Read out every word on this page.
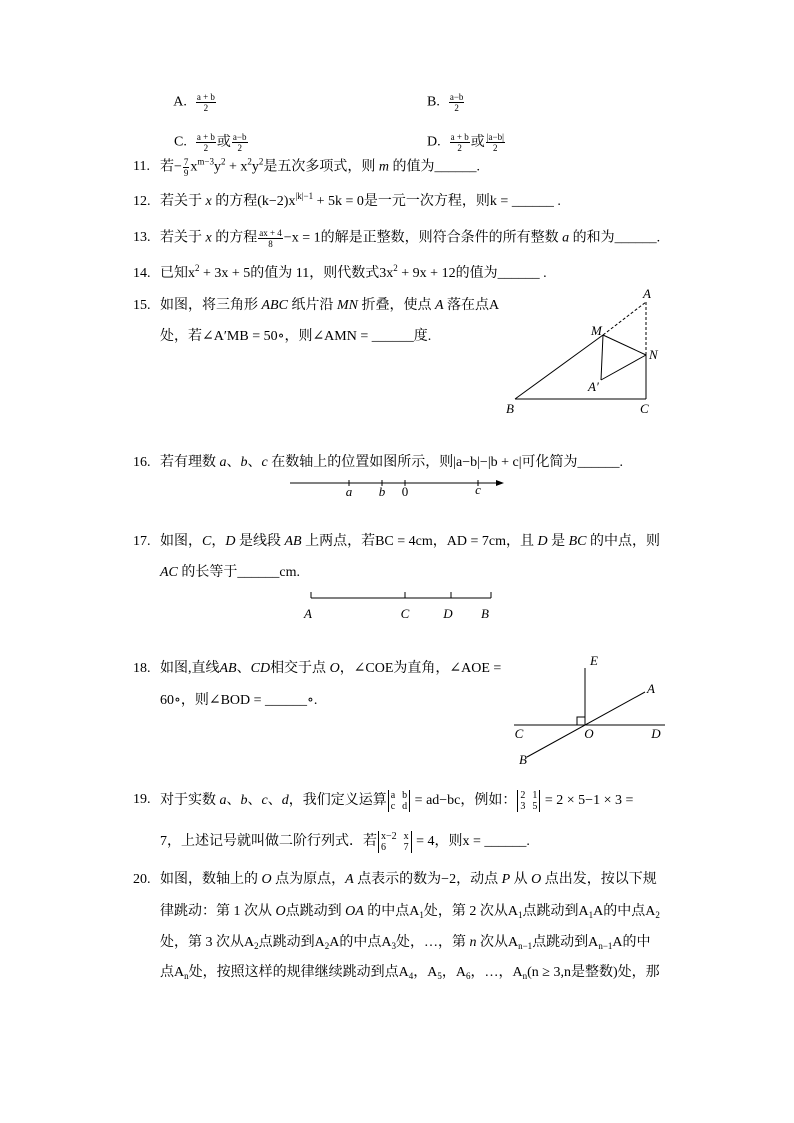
A. $\frac{a + b}{2}$

	B. $\frac{a-b}{2}$

C. $\frac{a + b}{2}$ 或 $\frac{a-b}{2}$

	D. $\frac{a + b}{2}$ 或 $\frac{|a-b|}{2}$

11. 若− $\frac{7}{9} x^{m-3}y^2 + x^2y^2$是五次多项式，则 m 的值为______.
12. 若关于 x 的方程$(k-2)x^{|k|-1} + 5k = 0$是一元一次方程，则k = ______ .
13. 若关于 x 的方程 $\frac{ax + 4}{8} -x = 1$的解是正整数，则符合条件的所有整数 a 的和为______.
14. 已知$x^2 + 3x + 5$的值为 11，则代数式$3x^2 + 9x + 12$的值为______ .
15. 如图，将三角形 ABC 纸片沿 MN 折叠，使点 A 落在点A
处，若∠A′MB = 50∘，则∠AMN = ______度.
A
M
N
A′
B	C
16. 若有理数 a、b、c 在数轴上的位置如图所示，则|a−b|−|b + c|可化简为______.
a b 0	c
17. 如图，C，D 是线段 AB 上两点，若BC = 4cm，AD = 7cm，且 D 是 BC 的中点，则
AC 的长等于______cm.
A	C	D B
18. 如图,直线AB、CD相交于点 O，∠COE为直角，∠AOE =
60∘，则∠BOD = ______∘.
E
A
C	O	D
B
19. 对于实数 a、b、c、d，我们定义运算 a b
c d = ad−bc，例如： 2 1
3 5 = 2 × 5−1 × 3 =
7，上述记号就叫做二阶行列式．若 x−2 x
6	7 = 4，则x = ______.
20. 如图，数轴上的 O 点为原点，A 点表示的数为−2，动点 P 从 O 点出发，按以下规
律跳动：第 1 次从 O点跳动到 OA 的中点$A_1$处，第 2 次从$A_1$点跳动到$A_1A$的中点$A_2$
处，第 3 次从$A_2$点跳动到$A_2A$的中点$A_3$处，…，第 n 次从$A_{n-1}$点跳动到$A_{n-1}A$的中
点$A_n$处，按照这样的规律继续跳动到点$A_4$，$A_5$，$A_6$，…，$A_n(n \ge 3,n$是整数)处，那
